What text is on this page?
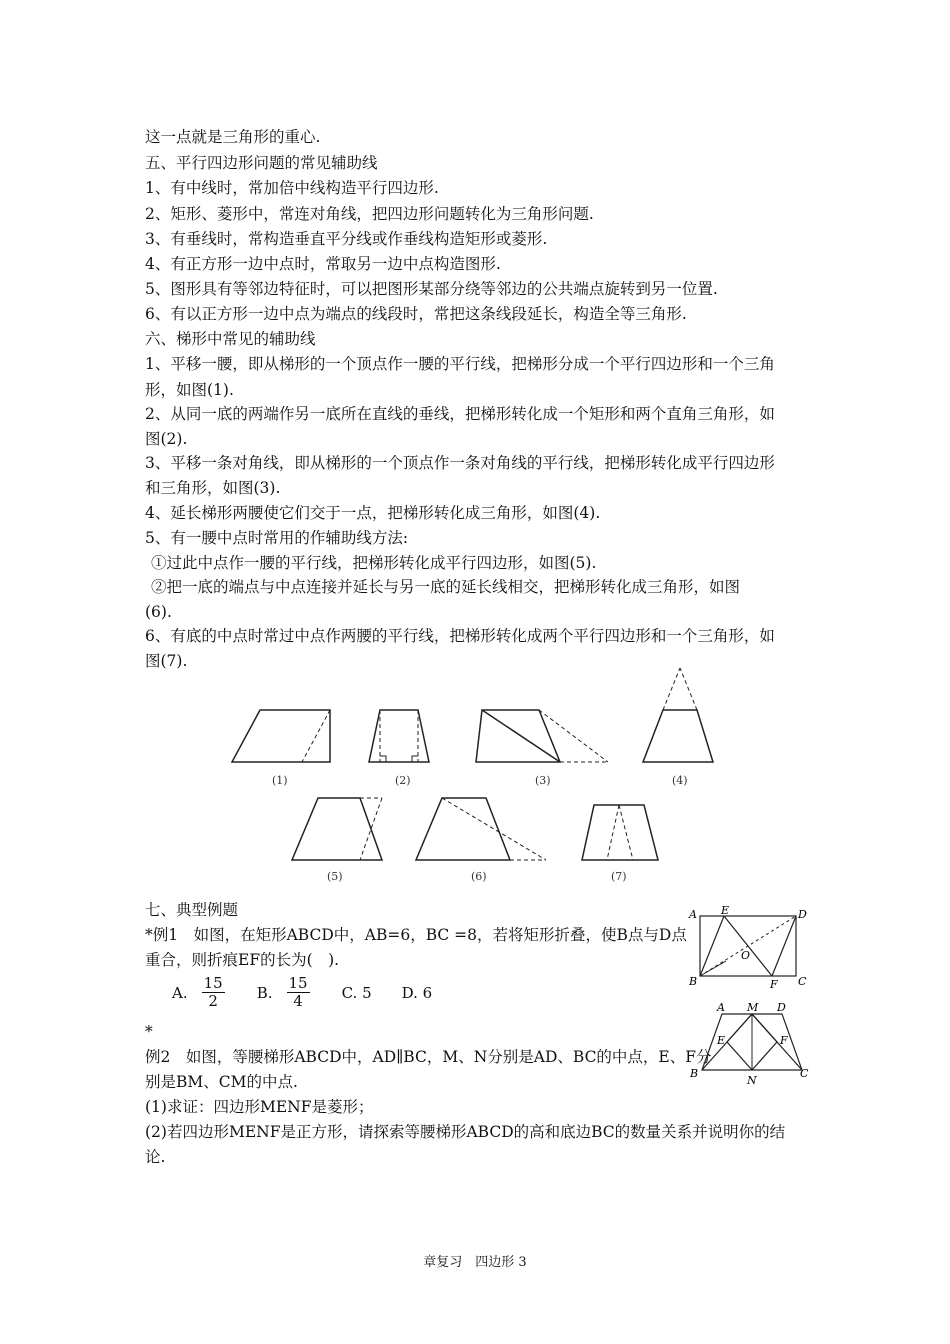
这一点就是三角形的重心.
五、平行四边形问题的常见辅助线
1、有中线时，常加倍中线构造平行四边形.
2、矩形、菱形中，常连对角线，把四边形问题转化为三角形问题.
3、有垂线时，常构造垂直平分线或作垂线构造矩形或菱形.
4、有正方形一边中点时，常取另一边中点构造图形.
5、图形具有等邻边特征时，可以把图形某部分绕等邻边的公共端点旋转到另一位置.
6、有以正方形一边中点为端点的线段时，常把这条线段延长，构造全等三角形.
六、梯形中常见的辅助线
1、平移一腰，即从梯形的一个顶点作一腰的平行线，把梯形分成一个平行四边形和一个三角
形，如图(1).
2、从同一底的两端作另一底所在直线的垂线，把梯形转化成一个矩形和两个直角三角形，如
图(2).
3、平移一条对角线，即从梯形的一个顶点作一条对角线的平行线，把梯形转化成平行四边形
和三角形，如图(3).
4、延长梯形两腰使它们交于一点，把梯形转化成三角形，如图(4).
5、有一腰中点时常用的作辅助线方法:
①过此中点作一腰的平行线，把梯形转化成平行四边形，如图(5).
②把一底的端点与中点连接并延长与另一底的延长线相交，把梯形转化成三角形，如图
(6).
6、有底的中点时常过中点作两腰的平行线，把梯形转化成两个平行四边形和一个三角形，如
图(7).
(1)	(2)	(3)	(4)
(5)	(6)	(7)
七、典型例题
*例1　如图，在矩形ABCD中，AB=6，BC =8，若将矩形折叠，使B点与D点
重合，则折痕EF的长为(　).
A. $\frac{15}{2} B$. $\frac{15}{4} C$. 5 D. 6
*
例2　如图，等腰梯形ABCD中，AD∥BC，M、N分别是AD、BC的中点，E、F分
别是BM、CM的中点.
(1)求证：四边形MENF是菱形；
(2)若四边形MENF是正方形，请探索等腰梯形ABCD的高和底边BC的数量关系并说明你的结
论.
A E	D
O
B	F C
A M D
E	F
B
N
C
章复习　四边形 3
